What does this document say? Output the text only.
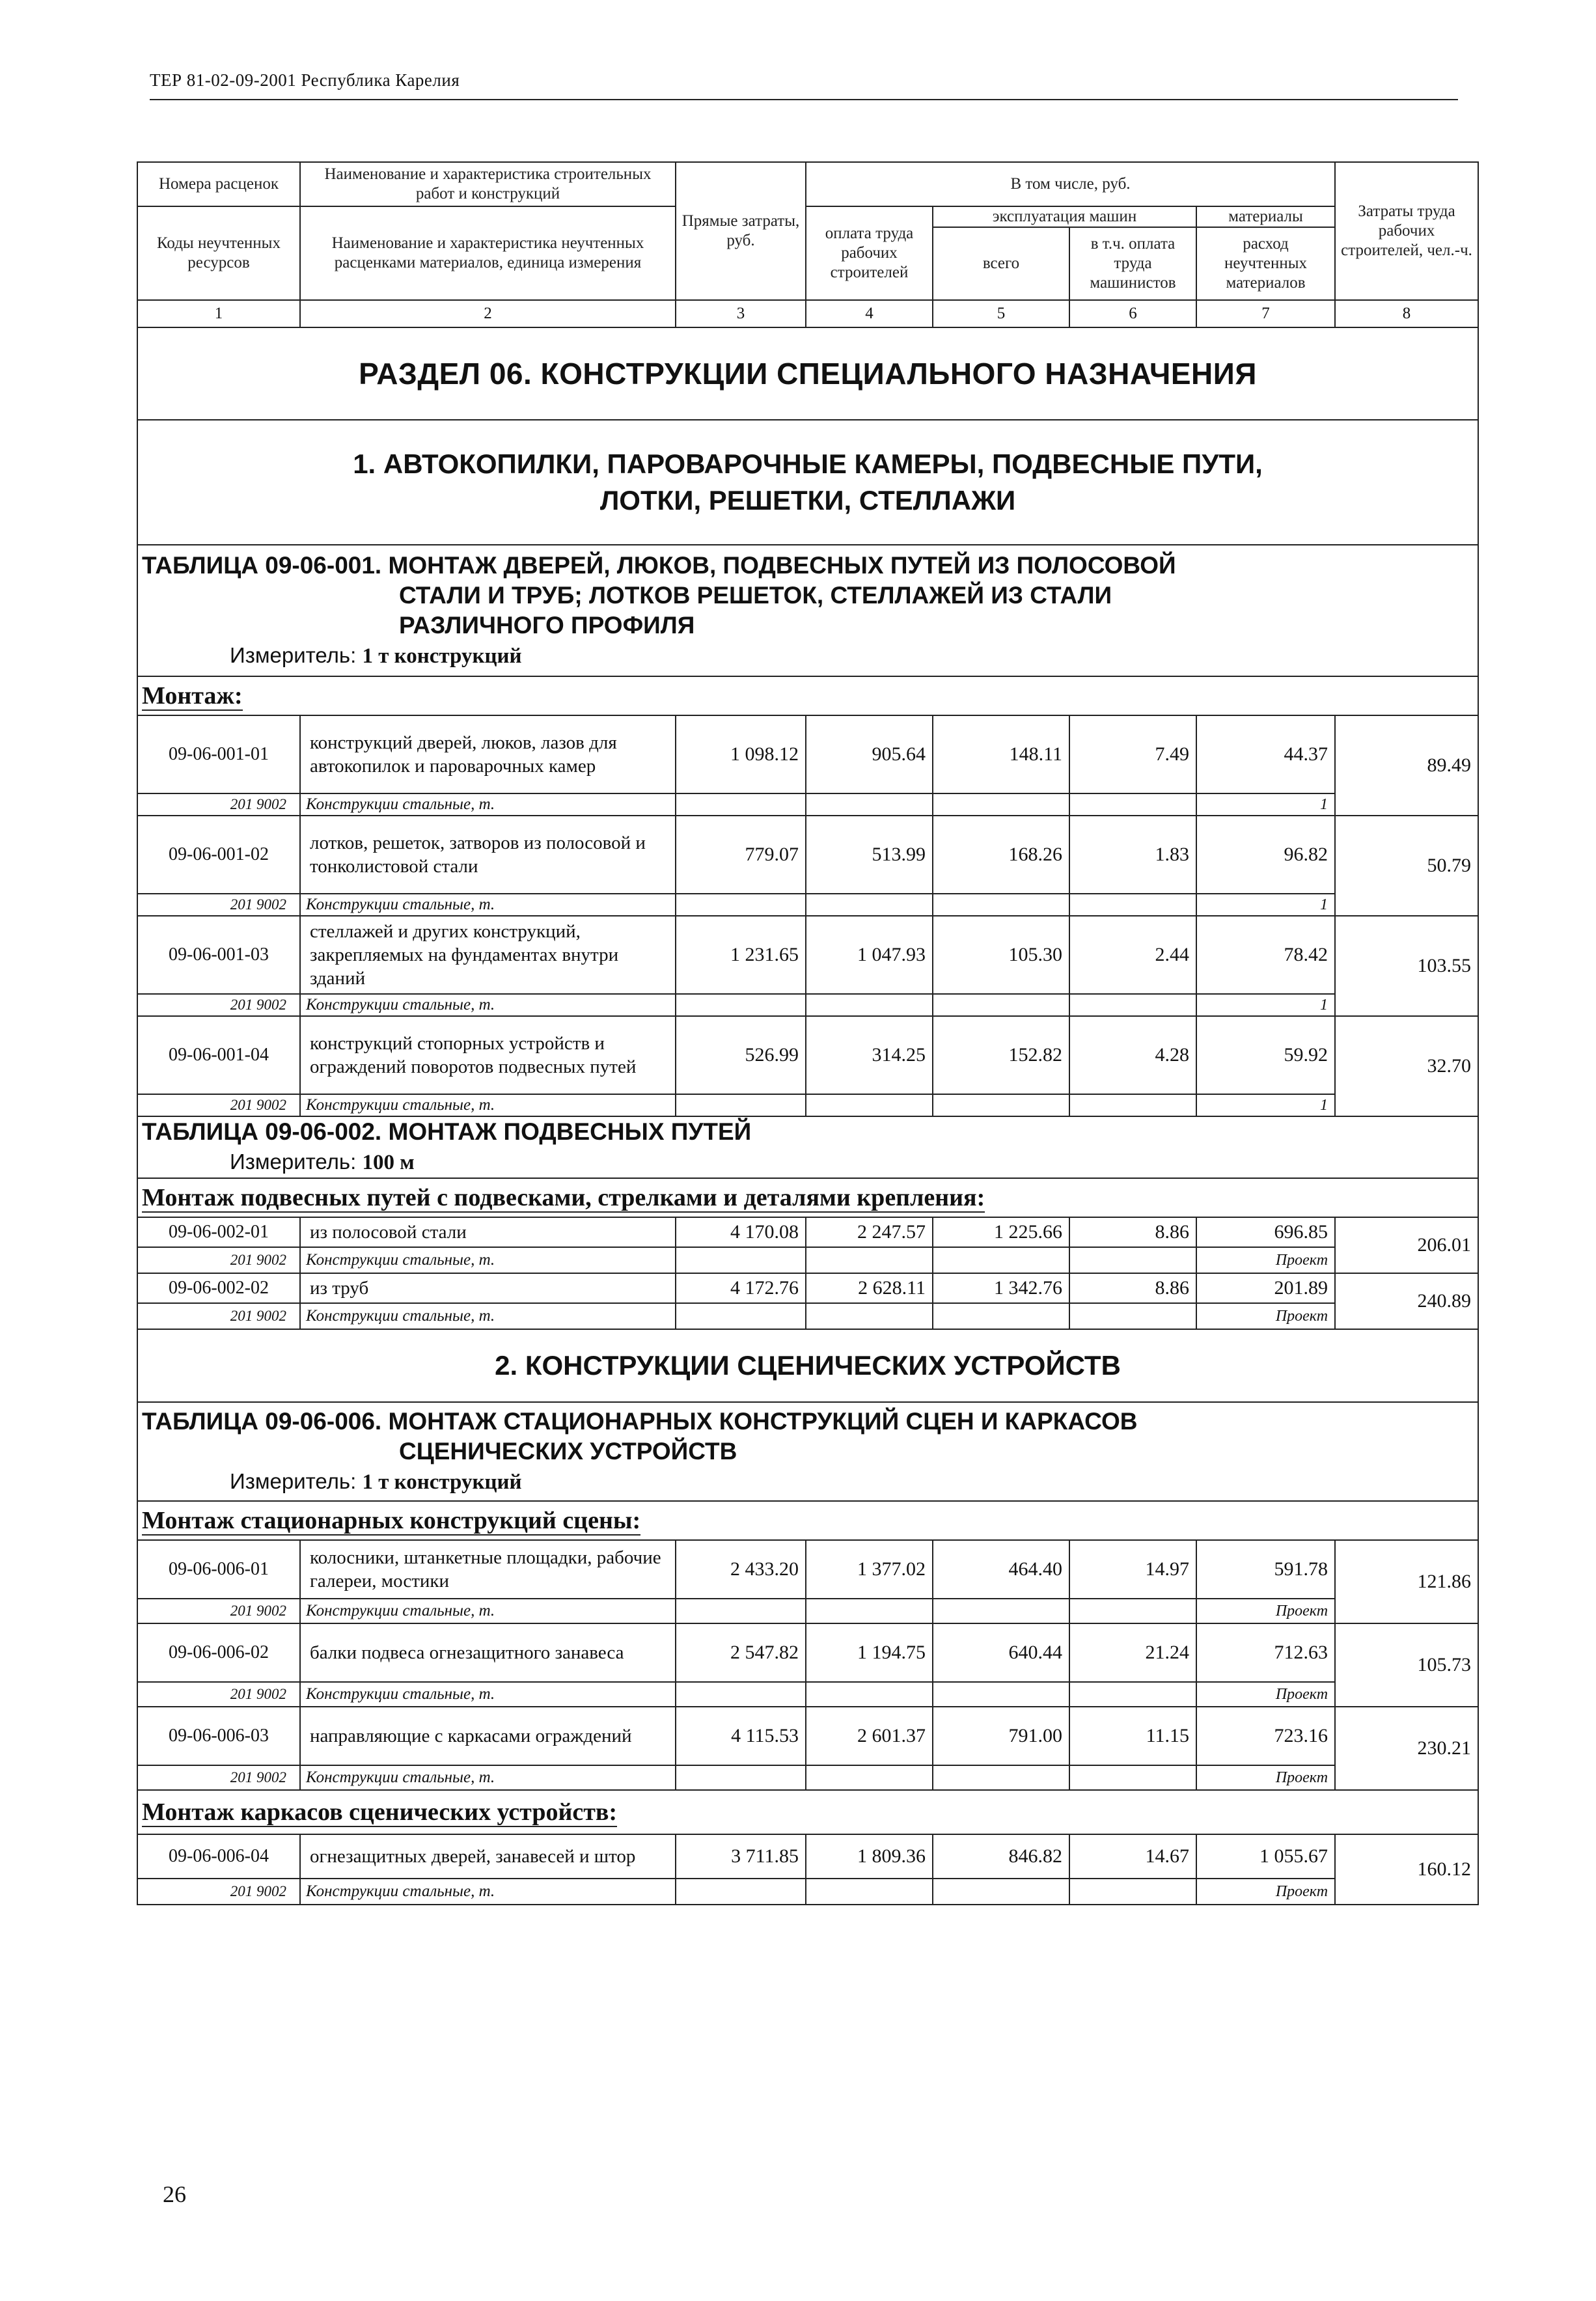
ТЕР 81-02-09-2001 Республика Карелия
Номера расценок	Наименование и характеристика строительных работ и конструкций	Прямые затраты, руб.	В том числе, руб.				Затраты труда рабочих строителей, чел.-ч.
Коды неучтенных ресурсов	Наименование и характеристика неучтенных расценками материалов, единица измерения		оплата труда рабочих строителей	эксплуатация машин		материалы	
				всего	в т.ч. оплата труда машинистов	расход неучтенных материалов	

1	2	3	4	5	6	7	8
РАЗДЕЛ 06. КОНСТРУКЦИИ СПЕЦИАЛЬНОГО НАЗНАЧЕНИЯ							
1. АВТОКОПИЛКИ, ПАРОВАРОЧНЫЕ КАМЕРЫ, ПОДВЕСНЫЕ ПУТИ,
ЛОТКИ, РЕШЕТКИ, СТЕЛЛАЖИ							
ТАБЛИЦА 09-06-001. МОНТАЖ ДВЕРЕЙ, ЛЮКОВ, ПОДВЕСНЫХ ПУТЕЙ ИЗ ПОЛОСОВОЙ

СТАЛИ И ТРУБ; ЛОТКОВ РЕШЕТОК, СТЕЛЛАЖЕЙ ИЗ СТАЛИ
РАЗЛИЧНОГО ПРОФИЛЯ
Измеритель: 1 т конструкций							

Монтаж:							
09-06-001-01	конструкций дверей, люков, лазов для автокопилок и пароварочных камер	1 098.12	905.64	148.11	7.49	44.37	89.49
201 9002	Конструкции стальные, т.					1	
09-06-001-02	лотков, решеток, затворов из полосовой и тонколистовой стали	779.07	513.99	168.26	1.83	96.82	50.79
201 9002	Конструкции стальные, т.					1	
09-06-001-03	стеллажей и других конструкций, закрепляемых на фундаментах внутри зданий	1 231.65	1 047.93	105.30	2.44	78.42	103.55
201 9002	Конструкции стальные, т.					1	
09-06-001-04	конструкций стопорных устройств и ограждений поворотов подвесных путей	526.99	314.25	152.82	4.28	59.92	32.70
201 9002	Конструкции стальные, т.					1	
ТАБЛИЦА 09-06-002. МОНТАЖ ПОДВЕСНЫХ ПУТЕЙ
Измеритель: 100 м							

Монтаж подвесных путей с подвесками, стрелками и деталями крепления:							
09-06-002-01	из полосовой стали	4 170.08	2 247.57	1 225.66	8.86	696.85	206.01
201 9002	Конструкции стальные, т.					Проект	
09-06-002-02	из труб	4 172.76	2 628.11	1 342.76	8.86	201.89	240.89
201 9002	Конструкции стальные, т.					Проект	
2. КОНСТРУКЦИИ СЦЕНИЧЕСКИХ УСТРОЙСТВ							
ТАБЛИЦА 09-06-006. МОНТАЖ СТАЦИОНАРНЫХ КОНСТРУКЦИЙ СЦЕН И КАРКАСОВ

СЦЕНИЧЕСКИХ УСТРОЙСТВ
Измеритель: 1 т конструкций							

Монтаж стационарных конструкций сцены:							
09-06-006-01	колосники, штанкетные площадки, рабочие галереи, мостики	2 433.20	1 377.02	464.40	14.97	591.78	121.86
201 9002	Конструкции стальные, т.					Проект	
09-06-006-02	балки подвеса огнезащитного занавеса	2 547.82	1 194.75	640.44	21.24	712.63	105.73
201 9002	Конструкции стальные, т.					Проект	
09-06-006-03	направляющие с каркасами ограждений	4 115.53	2 601.37	791.00	11.15	723.16	230.21
201 9002	Конструкции стальные, т.					Проект	
Монтаж каркасов сценических устройств:							
09-06-006-04	огнезащитных дверей, занавесей и штор	3 711.85	1 809.36	846.82	14.67	1 055.67	160.12
201 9002	Конструкции стальные, т.					Проект	
26
